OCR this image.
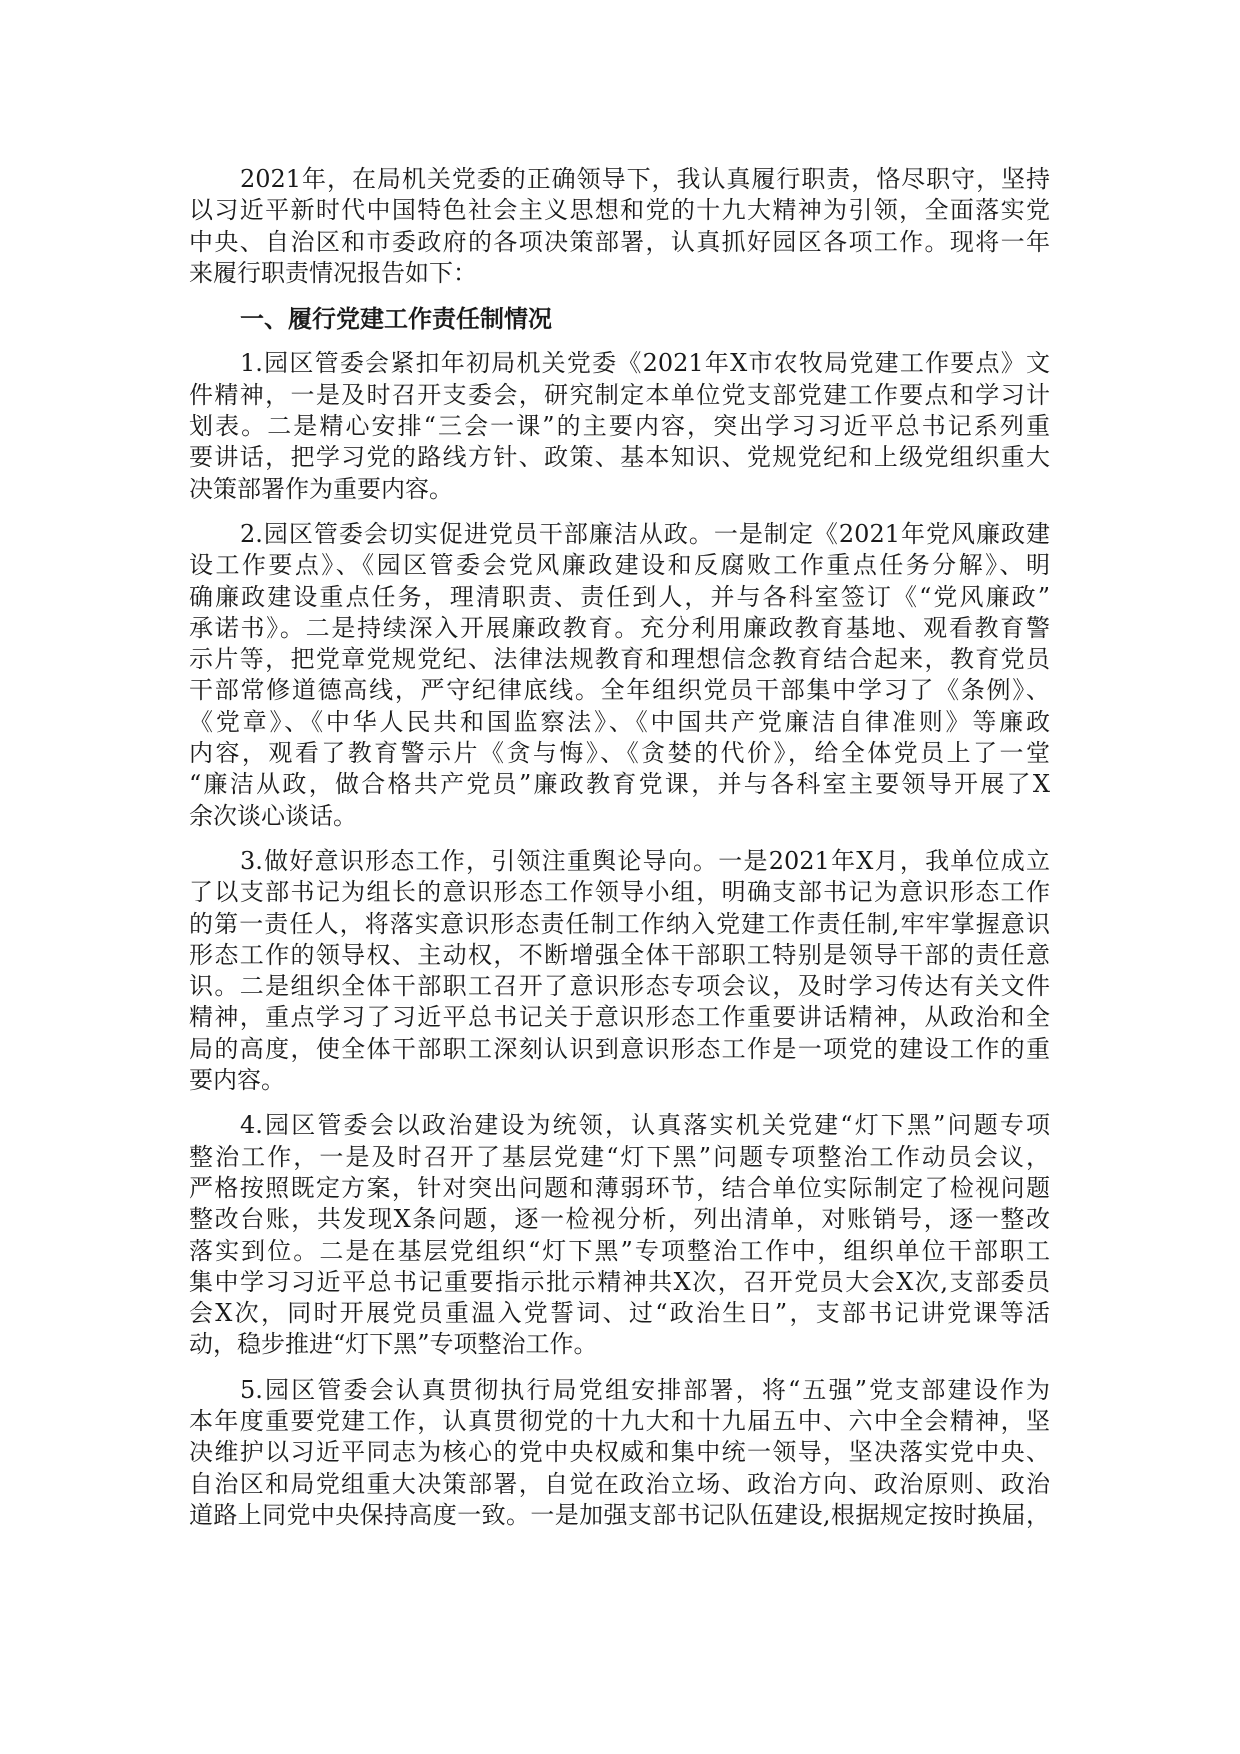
2021年，在局机关党委的正确领导下，我认真履行职责，恪尽职守，坚持
以习近平新时代中国特色社会主义思想和党的十九大精神为引领，全面落实党
中央、自治区和市委政府的各项决策部署，认真抓好园区各项工作。现将一年
来履行职责情况报告如下：
一、履行党建工作责任制情况
1.园区管委会紧扣年初局机关党委《2021年X市农牧局党建工作要点》文
件精神，一是及时召开支委会，研究制定本单位党支部党建工作要点和学习计
划表。二是精心安排“三会一课”的主要内容，突出学习习近平总书记系列重
要讲话，把学习党的路线方针、政策、基本知识、党规党纪和上级党组织重大
决策部署作为重要内容。
2.园区管委会切实促进党员干部廉洁从政。一是制定《2021年党风廉政建
设工作要点》、《园区管委会党风廉政建设和反腐败工作重点任务分解》、明
确廉政建设重点任务，理清职责、责任到人，并与各科室签订《“党风廉政”
承诺书》。二是持续深入开展廉政教育。充分利用廉政教育基地、观看教育警
示片等，把党章党规党纪、法律法规教育和理想信念教育结合起来，教育党员
干部常修道德高线，严守纪律底线。全年组织党员干部集中学习了《条例》、
《党章》、《中华人民共和国监察法》、《中国共产党廉洁自律准则》等廉政
内容，观看了教育警示片《贪与悔》、《贪婪的代价》，给全体党员上了一堂
“廉洁从政，做合格共产党员”廉政教育党课，并与各科室主要领导开展了X
余次谈心谈话。
3.做好意识形态工作，引领注重舆论导向。一是2021年X月，我单位成立
了以支部书记为组长的意识形态工作领导小组，明确支部书记为意识形态工作
的第一责任人，将落实意识形态责任制工作纳入党建工作责任制,牢牢掌握意识
形态工作的领导权、主动权，不断增强全体干部职工特别是领导干部的责任意
识。二是组织全体干部职工召开了意识形态专项会议，及时学习传达有关文件
精神，重点学习了习近平总书记关于意识形态工作重要讲话精神，从政治和全
局的高度，使全体干部职工深刻认识到意识形态工作是一项党的建设工作的重
要内容。
4.园区管委会以政治建设为统领，认真落实机关党建“灯下黑”问题专项
整治工作，一是及时召开了基层党建“灯下黑”问题专项整治工作动员会议，
严格按照既定方案，针对突出问题和薄弱环节，结合单位实际制定了检视问题
整改台账，共发现X条问题，逐一检视分析，列出清单，对账销号，逐一整改
落实到位。二是在基层党组织“灯下黑”专项整治工作中，组织单位干部职工
集中学习习近平总书记重要指示批示精神共X次，召开党员大会X次,支部委员
会X次，同时开展党员重温入党誓词、过“政治生日”，支部书记讲党课等活
动，稳步推进“灯下黑”专项整治工作。
5.园区管委会认真贯彻执行局党组安排部署，将“五强”党支部建设作为
本年度重要党建工作，认真贯彻党的十九大和十九届五中、六中全会精神，坚
决维护以习近平同志为核心的党中央权威和集中统一领导，坚决落实党中央、
自治区和局党组重大决策部署，自觉在政治立场、政治方向、政治原则、政治
道路上同党中央保持高度一致。一是加强支部书记队伍建设,根据规定按时换届，
